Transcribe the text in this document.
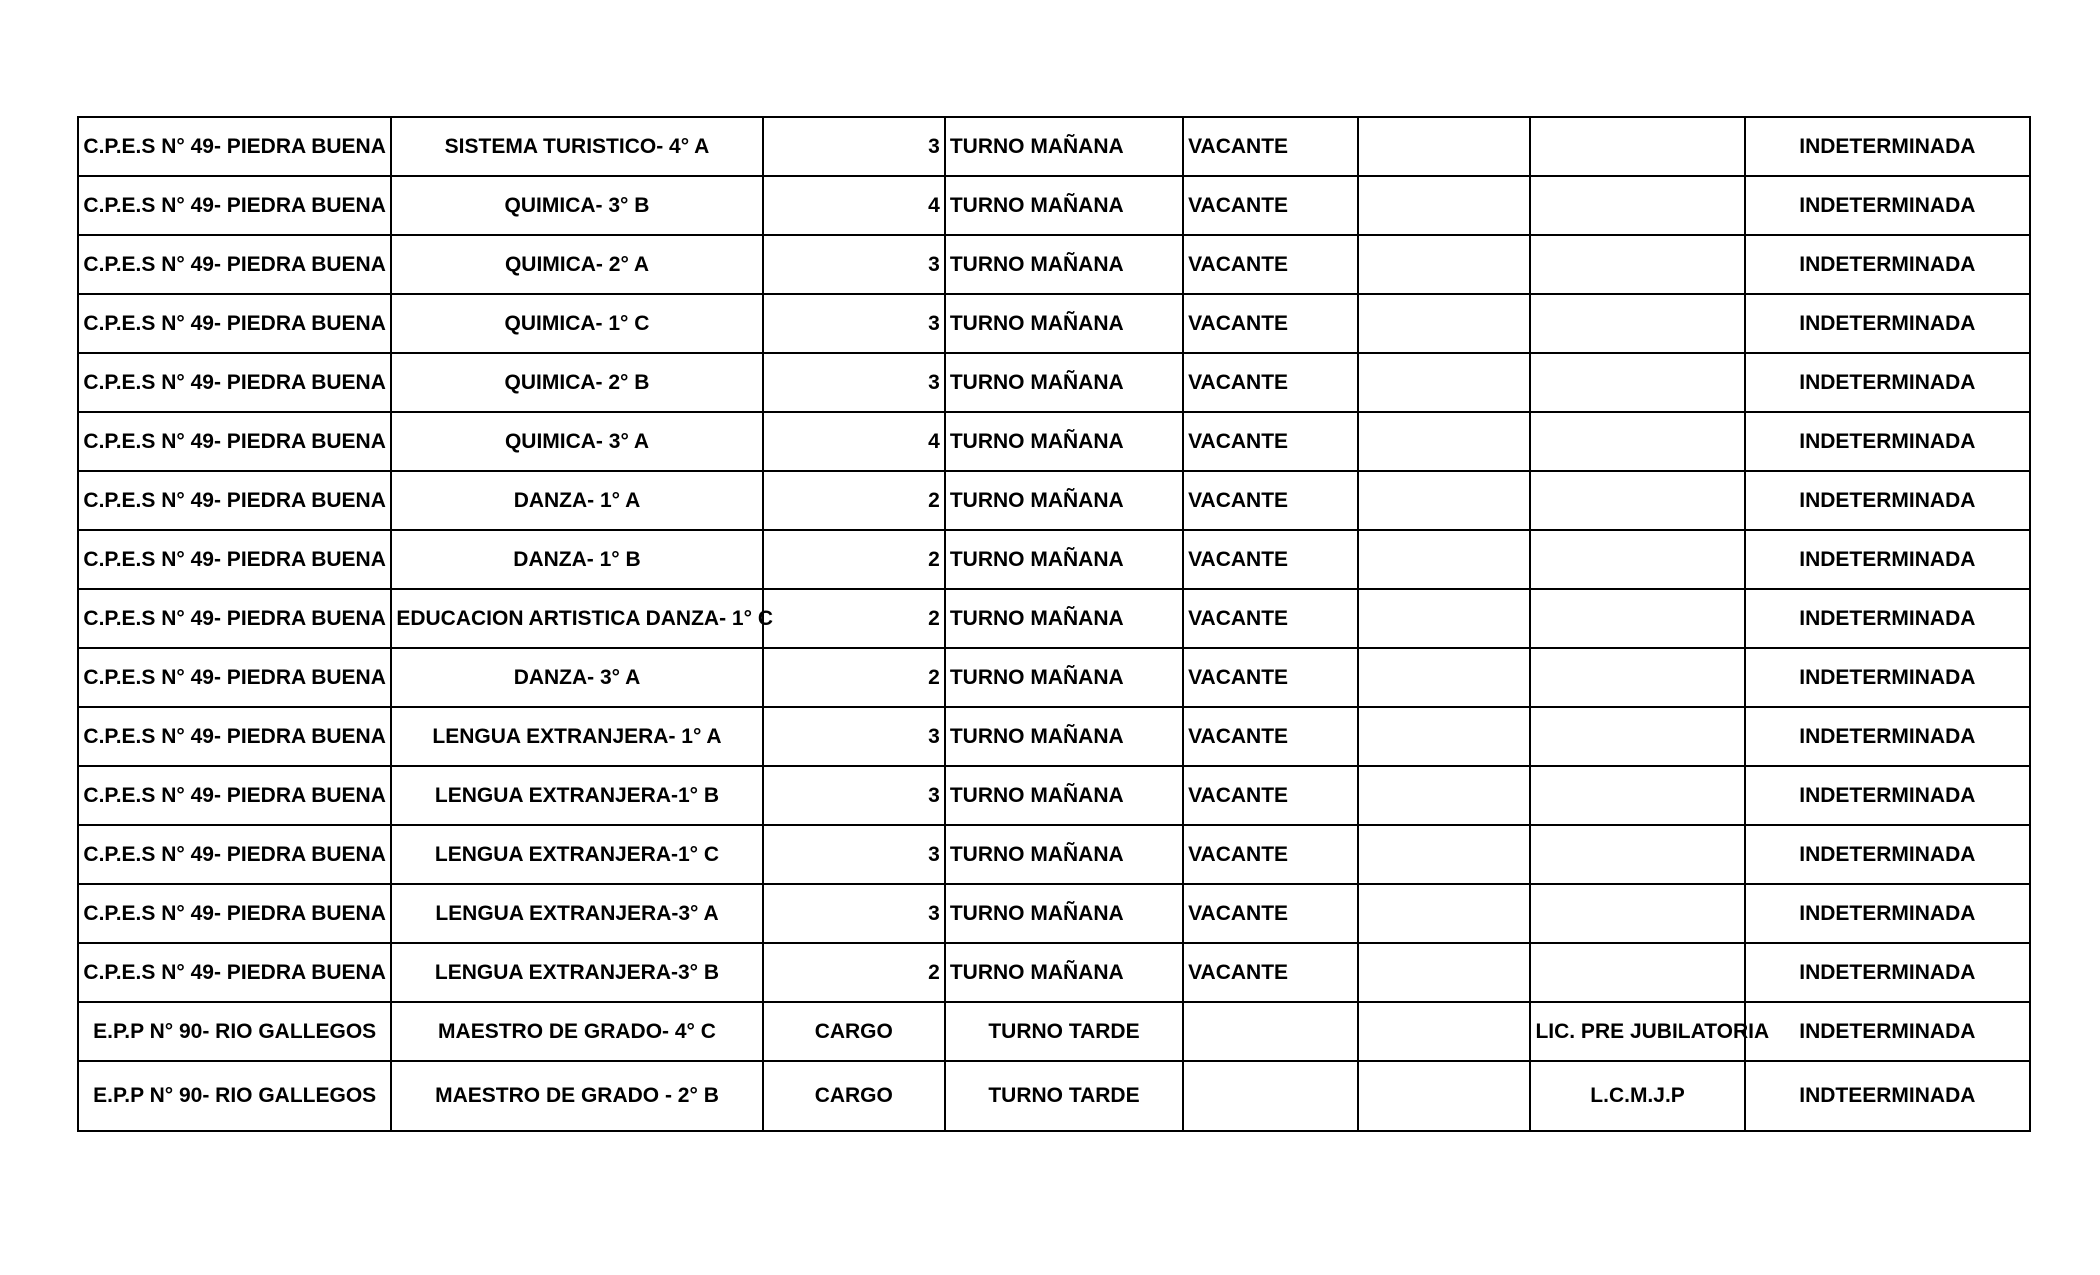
C.P.E.S N° 49- PIEDRA BUENA	SISTEMA TURISTICO- 4° A	3	TURNO MAÑANA	VACANTE			INDETERMINADA
C.P.E.S N° 49- PIEDRA BUENA	QUIMICA- 3° B	4	TURNO MAÑANA	VACANTE			INDETERMINADA
C.P.E.S N° 49- PIEDRA BUENA	QUIMICA- 2° A	3	TURNO MAÑANA	VACANTE			INDETERMINADA
C.P.E.S N° 49- PIEDRA BUENA	QUIMICA- 1° C	3	TURNO MAÑANA	VACANTE			INDETERMINADA
C.P.E.S N° 49- PIEDRA BUENA	QUIMICA- 2° B	3	TURNO MAÑANA	VACANTE			INDETERMINADA
C.P.E.S N° 49- PIEDRA BUENA	QUIMICA- 3° A	4	TURNO MAÑANA	VACANTE			INDETERMINADA
C.P.E.S N° 49- PIEDRA BUENA	DANZA- 1° A	2	TURNO MAÑANA	VACANTE			INDETERMINADA
C.P.E.S N° 49- PIEDRA BUENA	DANZA- 1° B	2	TURNO MAÑANA	VACANTE			INDETERMINADA
C.P.E.S N° 49- PIEDRA BUENA	EDUCACION ARTISTICA DANZA- 1° C	2	TURNO MAÑANA	VACANTE			INDETERMINADA
C.P.E.S N° 49- PIEDRA BUENA	DANZA- 3° A	2	TURNO MAÑANA	VACANTE			INDETERMINADA
C.P.E.S N° 49- PIEDRA BUENA	LENGUA EXTRANJERA- 1° A	3	TURNO MAÑANA	VACANTE			INDETERMINADA
C.P.E.S N° 49- PIEDRA BUENA	LENGUA EXTRANJERA-1° B	3	TURNO MAÑANA	VACANTE			INDETERMINADA
C.P.E.S N° 49- PIEDRA BUENA	LENGUA EXTRANJERA-1° C	3	TURNO MAÑANA	VACANTE			INDETERMINADA
C.P.E.S N° 49- PIEDRA BUENA	LENGUA EXTRANJERA-3° A	3	TURNO MAÑANA	VACANTE			INDETERMINADA
C.P.E.S N° 49- PIEDRA BUENA	LENGUA EXTRANJERA-3° B	2	TURNO MAÑANA	VACANTE			INDETERMINADA
E.P.P N° 90- RIO GALLEGOS	MAESTRO DE GRADO- 4° C	CARGO	TURNO TARDE			LIC. PRE JUBILATORIA	INDETERMINADA
E.P.P N° 90- RIO GALLEGOS	MAESTRO DE GRADO - 2° B	CARGO	TURNO TARDE			L.C.M.J.P	INDTEERMINADA
